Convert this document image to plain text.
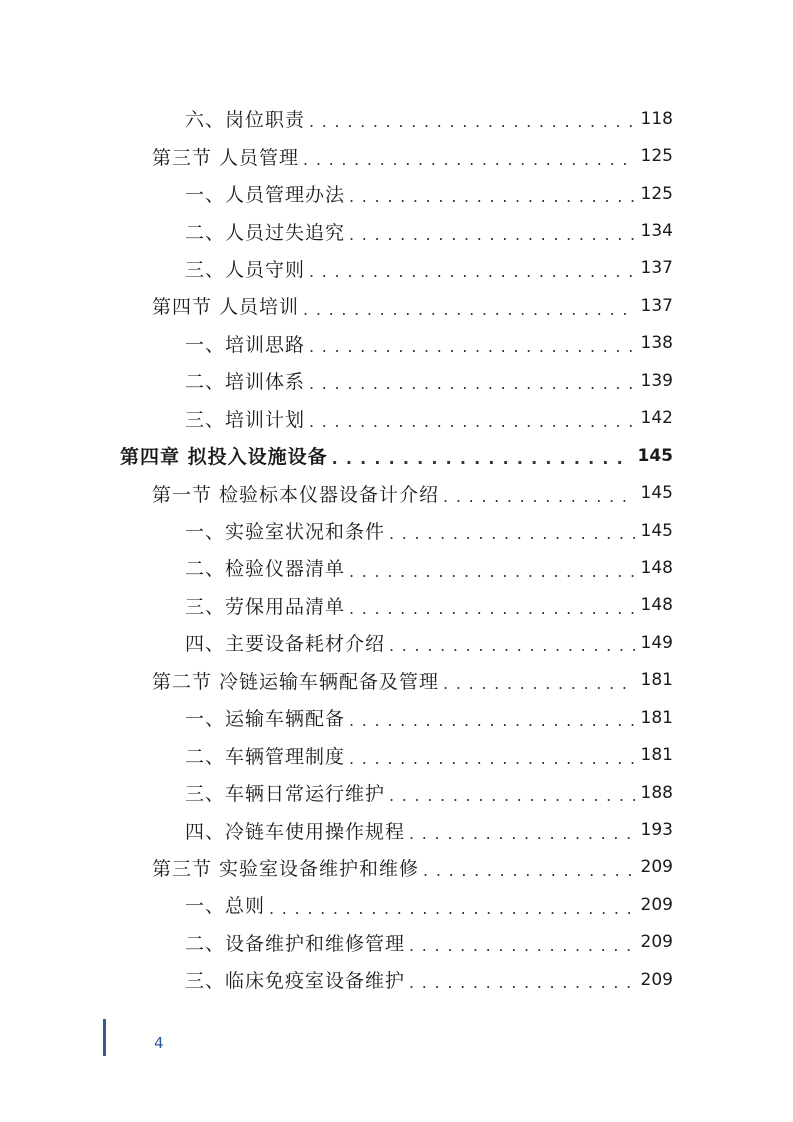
六、岗位职责 . . .	118
第三节 人员管理 . . .	125
一、人员管理办法 . . .	125
二、人员过失追究 . . .	134
三、人员守则 . . .	137
第四节 人员培训 . . .	137
一、培训思路 . . .	138
二、培训体系 . . .	139
三、培训计划 . . .	142
第四章 拟投入设施设备 . . .	145
第一节 检验标本仪器设备计介绍 . . .	145
一、实验室状况和条件 . . .	145
二、检验仪器清单 . . .	148
三、劳保用品清单 . . .	148
四、主要设备耗材介绍 . . .	149
第二节 冷链运输车辆配备及管理 . . .	181
一、运输车辆配备 . . .	181
二、车辆管理制度 . . .	181
三、车辆日常运行维护 . . .	188
四、冷链车使用操作规程 . . .	193
第三节 实验室设备维护和维修 . . .	209
一、总则 . . .	209
二、设备维护和维修管理 . . .	209
三、临床免疫室设备维护 . . .	209
4
